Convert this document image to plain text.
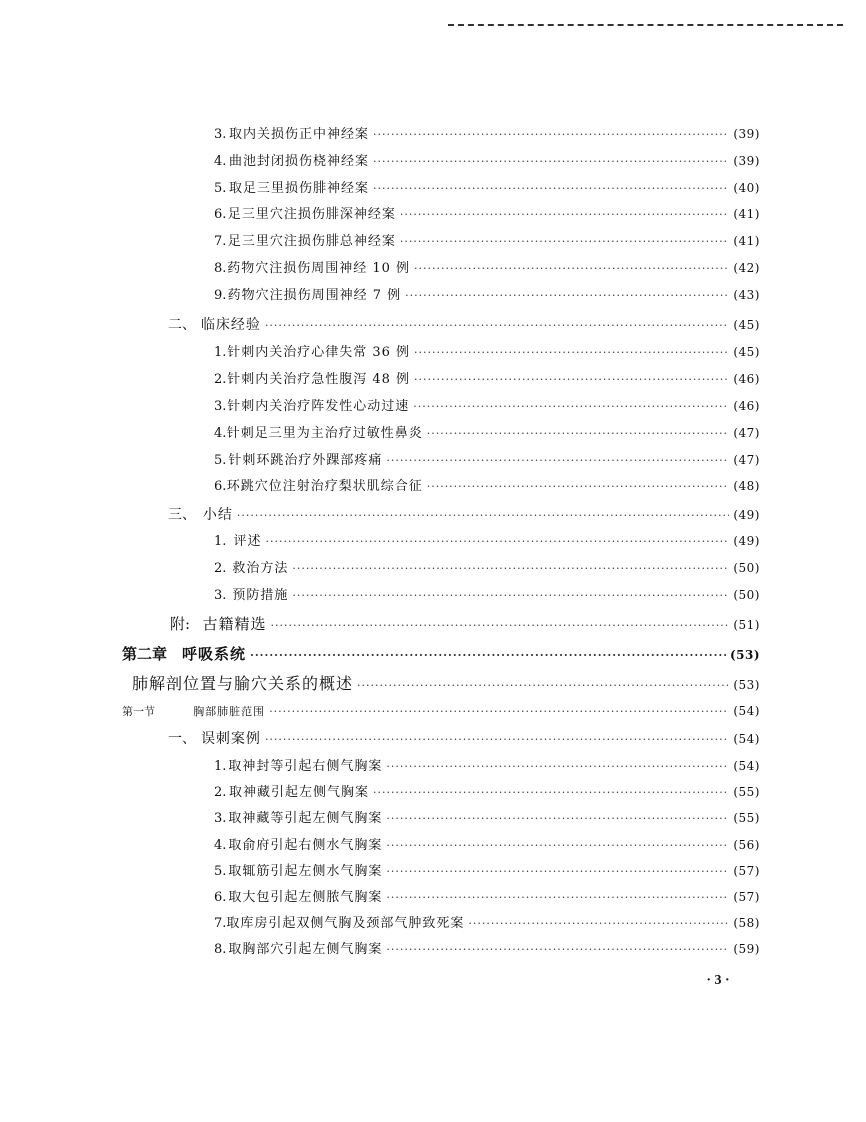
3. 取内关损伤正中神经案 ·····	(39)
4. 曲池封闭损伤桡神经案 ·····	(39)
5. 取足三里损伤腓神经案 ·····	(40)
6. 足三里穴注损伤腓深神经案 ·····	(41)
7. 足三里穴注损伤腓总神经案 ·····	(41)
8. 药物穴注损伤周围神经 10 例 ·····	(42)
9. 药物穴注损伤周围神经 7 例 ·····	(43)
二、 临床经验 ·····	(45)
1. 针刺内关治疗心律失常 36 例 ·····	(45)
2. 针刺内关治疗急性腹泻 48 例 ·····	(46)
3. 针刺内关治疗阵发性心动过速 ·····	(46)
4. 针刺足三里为主治疗过敏性鼻炎 ·····	(47)
5. 针刺环跳治疗外踝部疼痛 ·····	(47)
6. 环跳穴位注射治疗梨状肌综合征 ·····	(48)
三、 小结 ·····	(49)
1. 评述 ·····	(49)
2. 救治方法 ·····	(50)
3. 预防措施 ·····	(50)
附: 古籍精选 ·····	(51)
第二章 呼吸系统 ·····	(53)
肺解剖位置与腧穴关系的概述 ·····	(53)
第一节	胸部肺脏范围 ·····	(54)
一、 误刺案例 ·····	(54)
1. 取神封等引起右侧气胸案 ·····	(54)
2. 取神藏引起左侧气胸案 ·····	(55)
3. 取神藏等引起左侧气胸案 ·····	(55)
4. 取俞府引起右侧水气胸案 ·····	(56)
5. 取辄筋引起左侧水气胸案 ·····	(57)
6. 取大包引起左侧脓气胸案 ·····	(57)
7. 取库房引起双侧气胸及颈部气肿致死案 ·····	(58)
8. 取胸部穴引起左侧气胸案 ·····	(59)
· 3 ·
